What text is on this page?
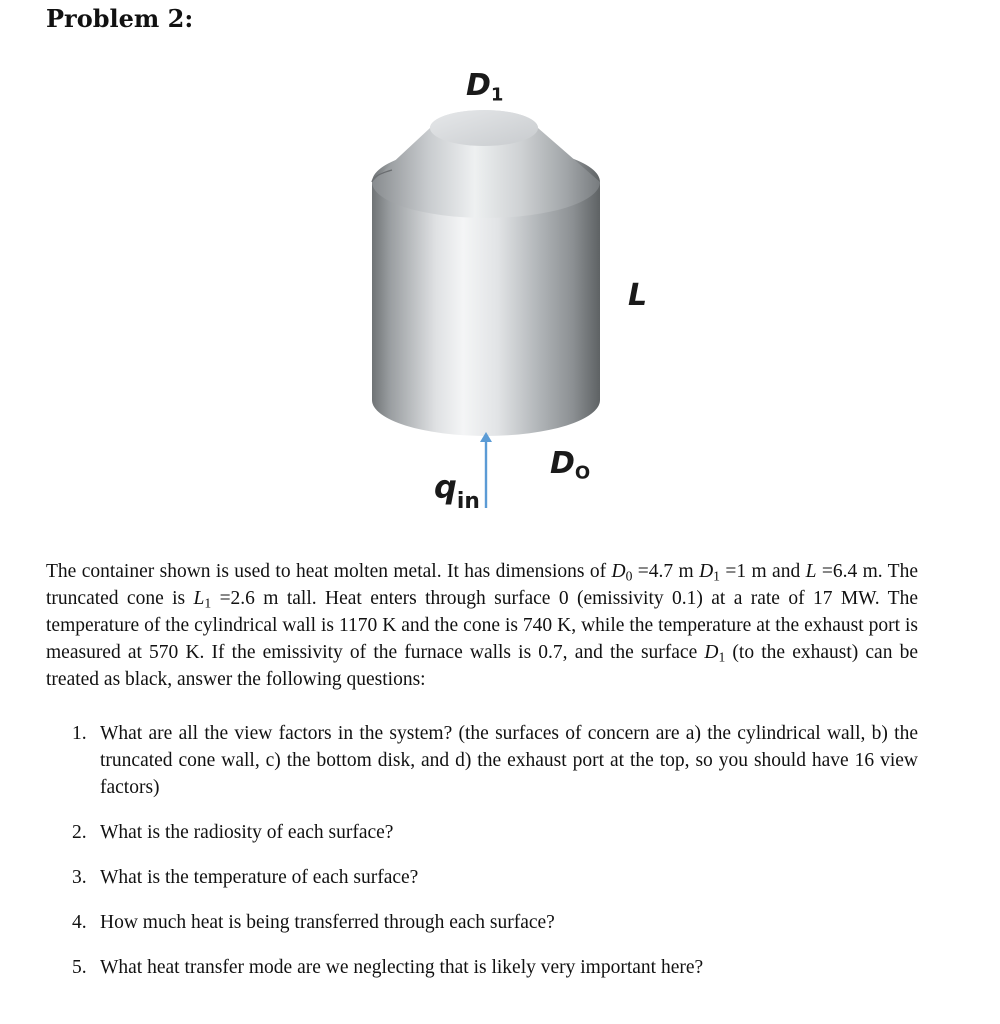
Problem 2:
$D_1$
L
$D_O$
$q_{in}$

The container shown is used to heat molten metal. It has dimensions of $D_0 =4.7$ m $D_1 =1$ m and L =6.4 m. The truncated cone is $L_1 =2.6$ m tall. Heat enters through surface 0 (emissivity 0.1) at a rate of 17 MW. The temperature of the cylindrical wall is 1170 K and the cone is 740 K, while the temperature at the exhaust port is measured at 570 K. If the emissivity of the furnace walls is 0.7, and the surface $D_1$ (to the exhaust) can be treated as black, answer the following questions:

1. What are all the view factors in the system? (the surfaces of concern are a) the cylindrical wall, b) the truncated cone wall, c) the bottom disk, and d) the exhaust port at the top, so you should have 16 view factors)
2. What is the radiosity of each surface?
3. What is the temperature of each surface?
4. How much heat is being transferred through each surface?
5. What heat transfer mode are we neglecting that is likely very important here?
